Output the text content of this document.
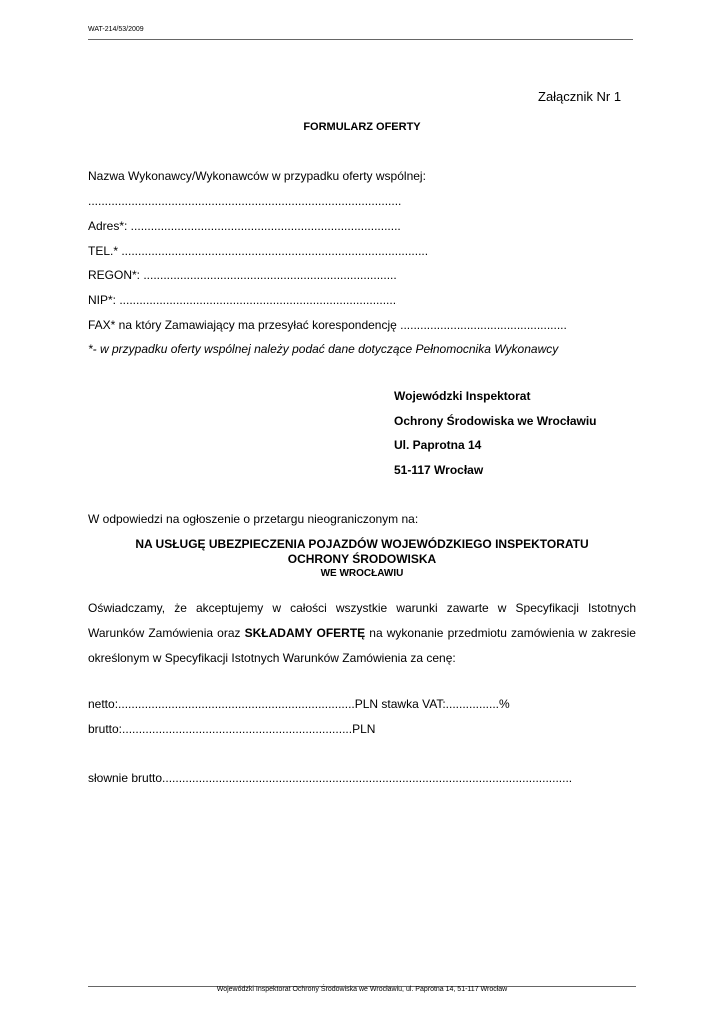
WAT-214/53/2009
Załącznik Nr 1
FORMULARZ OFERTY
Nazwa Wykonawcy/Wykonawców w przypadku oferty wspólnej:
..............................................................................................
Adres*: .................................................................................
TEL.* ............................................................................................
REGON*: ............................................................................
NIP*: ...................................................................................
FAX* na który Zamawiający ma przesyłać korespondencję ..................................................
*- w przypadku oferty wspólnej należy podać dane dotyczące Pełnomocnika Wykonawcy
Wojewódzki Inspektorat
Ochrony Środowiska we Wrocławiu
Ul. Paprotna 14
51-117 Wrocław
W odpowiedzi na ogłoszenie o przetargu nieograniczonym na:
NA USŁUGĘ UBEZPIECZENIA POJAZDÓW WOJEWÓDZKIEGO INSPEKTORATU OCHRONY ŚRODOWISKA
WE WROCŁAWIU
Oświadczamy, że akceptujemy w całości wszystkie warunki zawarte w Specyfikacji Istotnych Warunków Zamówienia oraz SKŁADAMY OFERTĘ na wykonanie przedmiotu zamówienia w zakresie określonym w Specyfikacji Istotnych Warunków Zamówienia za cenę:
netto:.......................................................................PLN stawka VAT:................%
brutto:.....................................................................PLN
słownie brutto...........................................................................................................................
Wojewódzki Inspektorat Ochrony Środowiska we Wrocławiu, ul. Paprotna 14, 51-117 Wrocław
